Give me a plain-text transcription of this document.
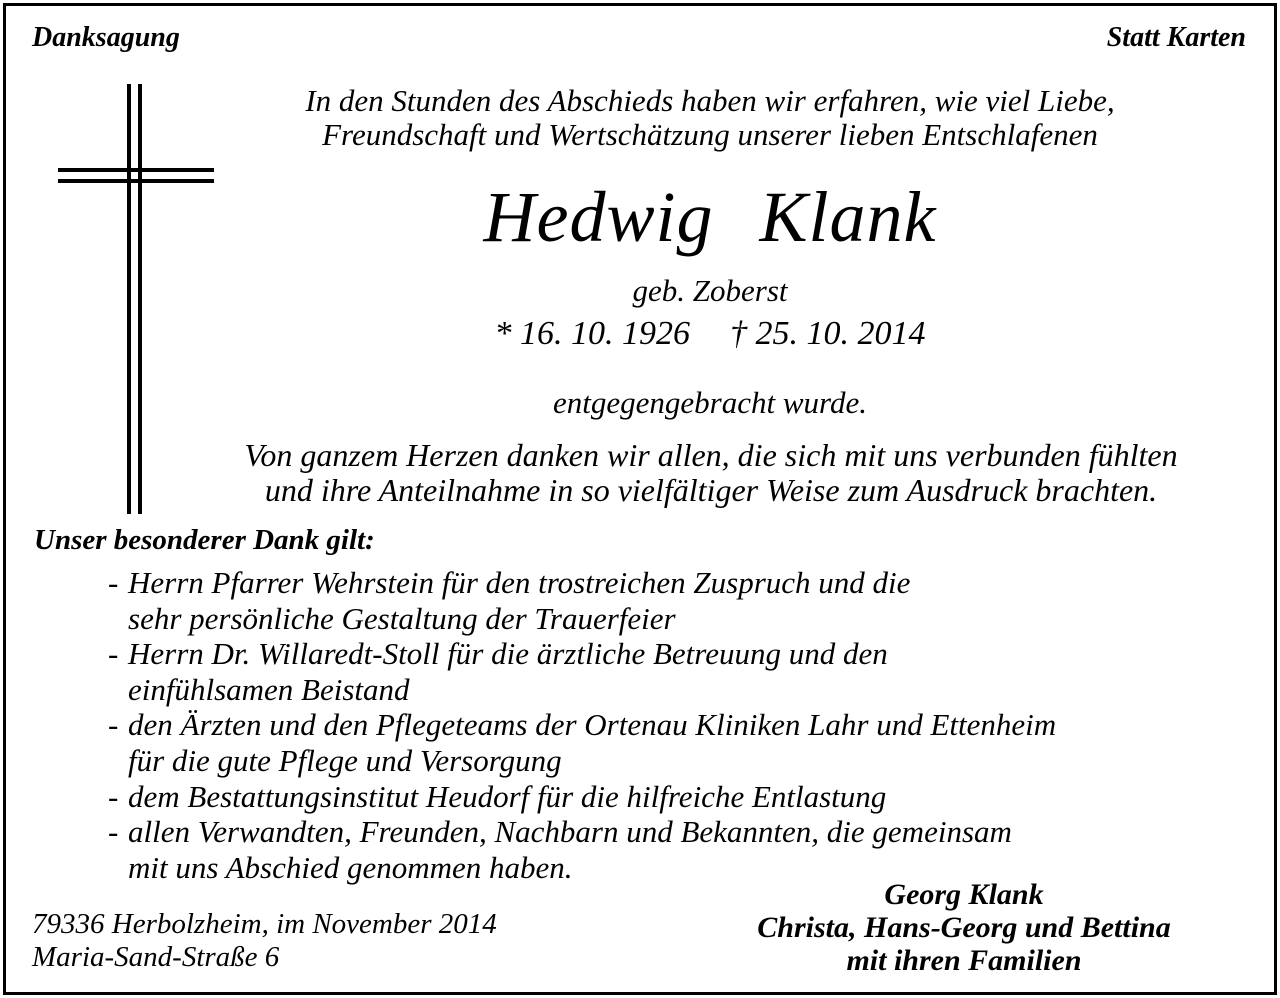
Danksagung	Statt Karten
In den Stunden des Abschieds haben wir erfahren, wie viel Liebe,
Freundschaft und Wertschätzung unserer lieben Entschlafenen
Hedwig Klank
geb. Zoberst
* 16. 10. 1926 † 25. 10. 2014
entgegengebracht wurde.
Von ganzem Herzen danken wir allen, die sich mit uns verbunden fühlten
und ihre Anteilnahme in so vielfältiger Weise zum Ausdruck brachten.
Unser besonderer Dank gilt:
- Herrn Pfarrer Wehrstein für den trostreichen Zuspruch und die
sehr persönliche Gestaltung der Trauerfeier
- Herrn Dr. Willaredt-Stoll für die ärztliche Betreuung und den
einfühlsamen Beistand
- den Ärzten und den Pflegeteams der Ortenau Kliniken Lahr und Ettenheim
für die gute Pflege und Versorgung
- dem Bestattungsinstitut Heudorf für die hilfreiche Entlastung
- allen Verwandten, Freunden, Nachbarn und Bekannten, die gemeinsam
mit uns Abschied genommen haben.
79336 Herbolzheim, im November 2014
Maria-Sand-Straße 6
Georg Klank
Christa, Hans-Georg und Bettina
mit ihren Familien
